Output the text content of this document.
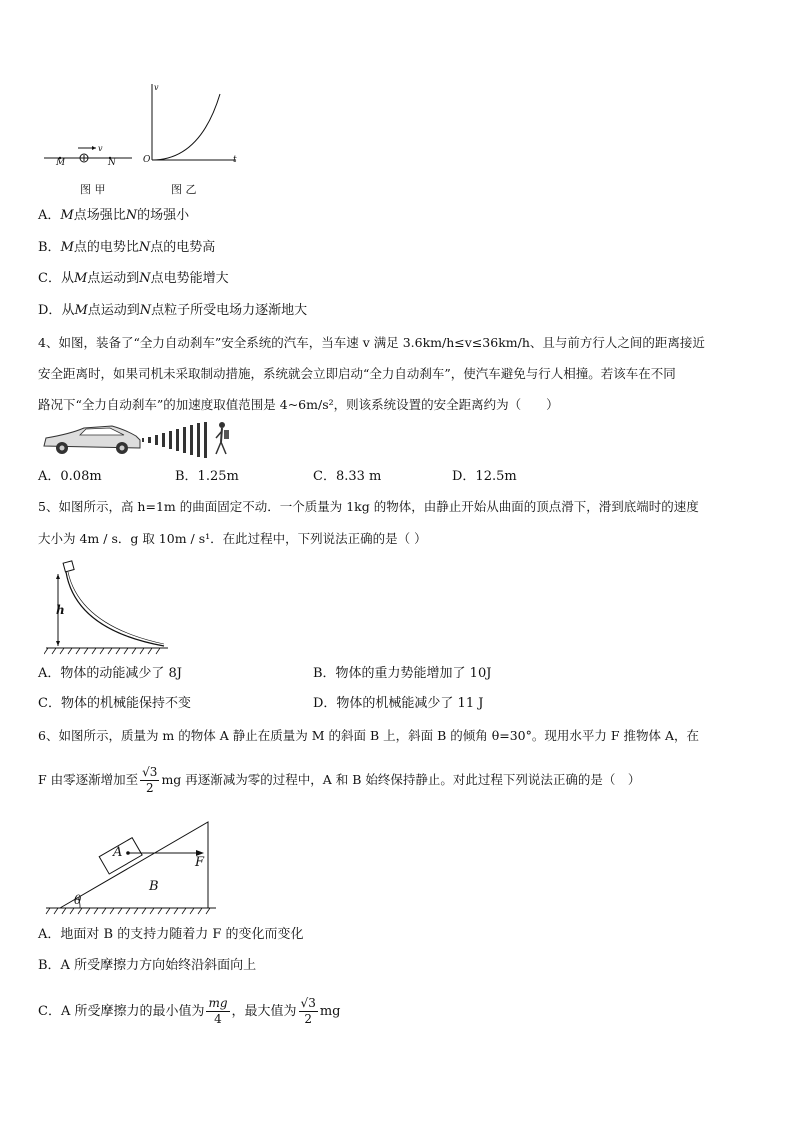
M	N
v
图 甲
v
O	t
图 乙
A．M点场强比N的场强小
B．M点的电势比N点的电势高
C．从M点运动到N点电势能增大
D．从M点运动到N点粒子所受电场力逐渐地大
4、如图，装备了“全力自动刹车”安全系统的汽车，当车速 v 满足 3.6km/h≤v≤36km/h、且与前方行人之间的距离接近
安全距离时，如果司机未采取制动措施，系统就会立即启动“全力自动刹车”，使汽车避免与行人相撞。若该车在不同
路况下“全力自动刹车”的加速度取值范围是 4~6m/s²，则该系统设置的安全距离约为（　　）
A．0.08m	B．1.25m	C．8.33 m	D．12.5m
5、如图所示，高 h=1m 的曲面固定不动．一个质量为 1kg 的物体，由静止开始从曲面的顶点滑下，滑到底端时的速度
大小为 4m / s．g 取 10m / s¹．在此过程中，下列说法正确的是（ ）
h
A．物体的动能减少了 8J	B．物体的重力势能增加了 10J
C．物体的机械能保持不变	D．物体的机械能减少了 11 J
6、如图所示，质量为 m 的物体 A 静止在质量为 M 的斜面 B 上，斜面 B 的倾角 θ=30°。现用水平力 F 推物体 A，在
F 由零逐渐增加至 $\frac{√3}{2}$ mg 再逐渐减为零的过程中，A 和 B 始终保持静止。对此过程下列说法正确的是（　）
A
B
F
θ
A．地面对 B 的支持力随着力 F 的变化而变化
B．A 所受摩擦力方向始终沿斜面向上
C．A 所受摩擦力的最小值为 $\frac{mg}{4}$ ，最大值为 $\frac{√3}{2}$ mg
